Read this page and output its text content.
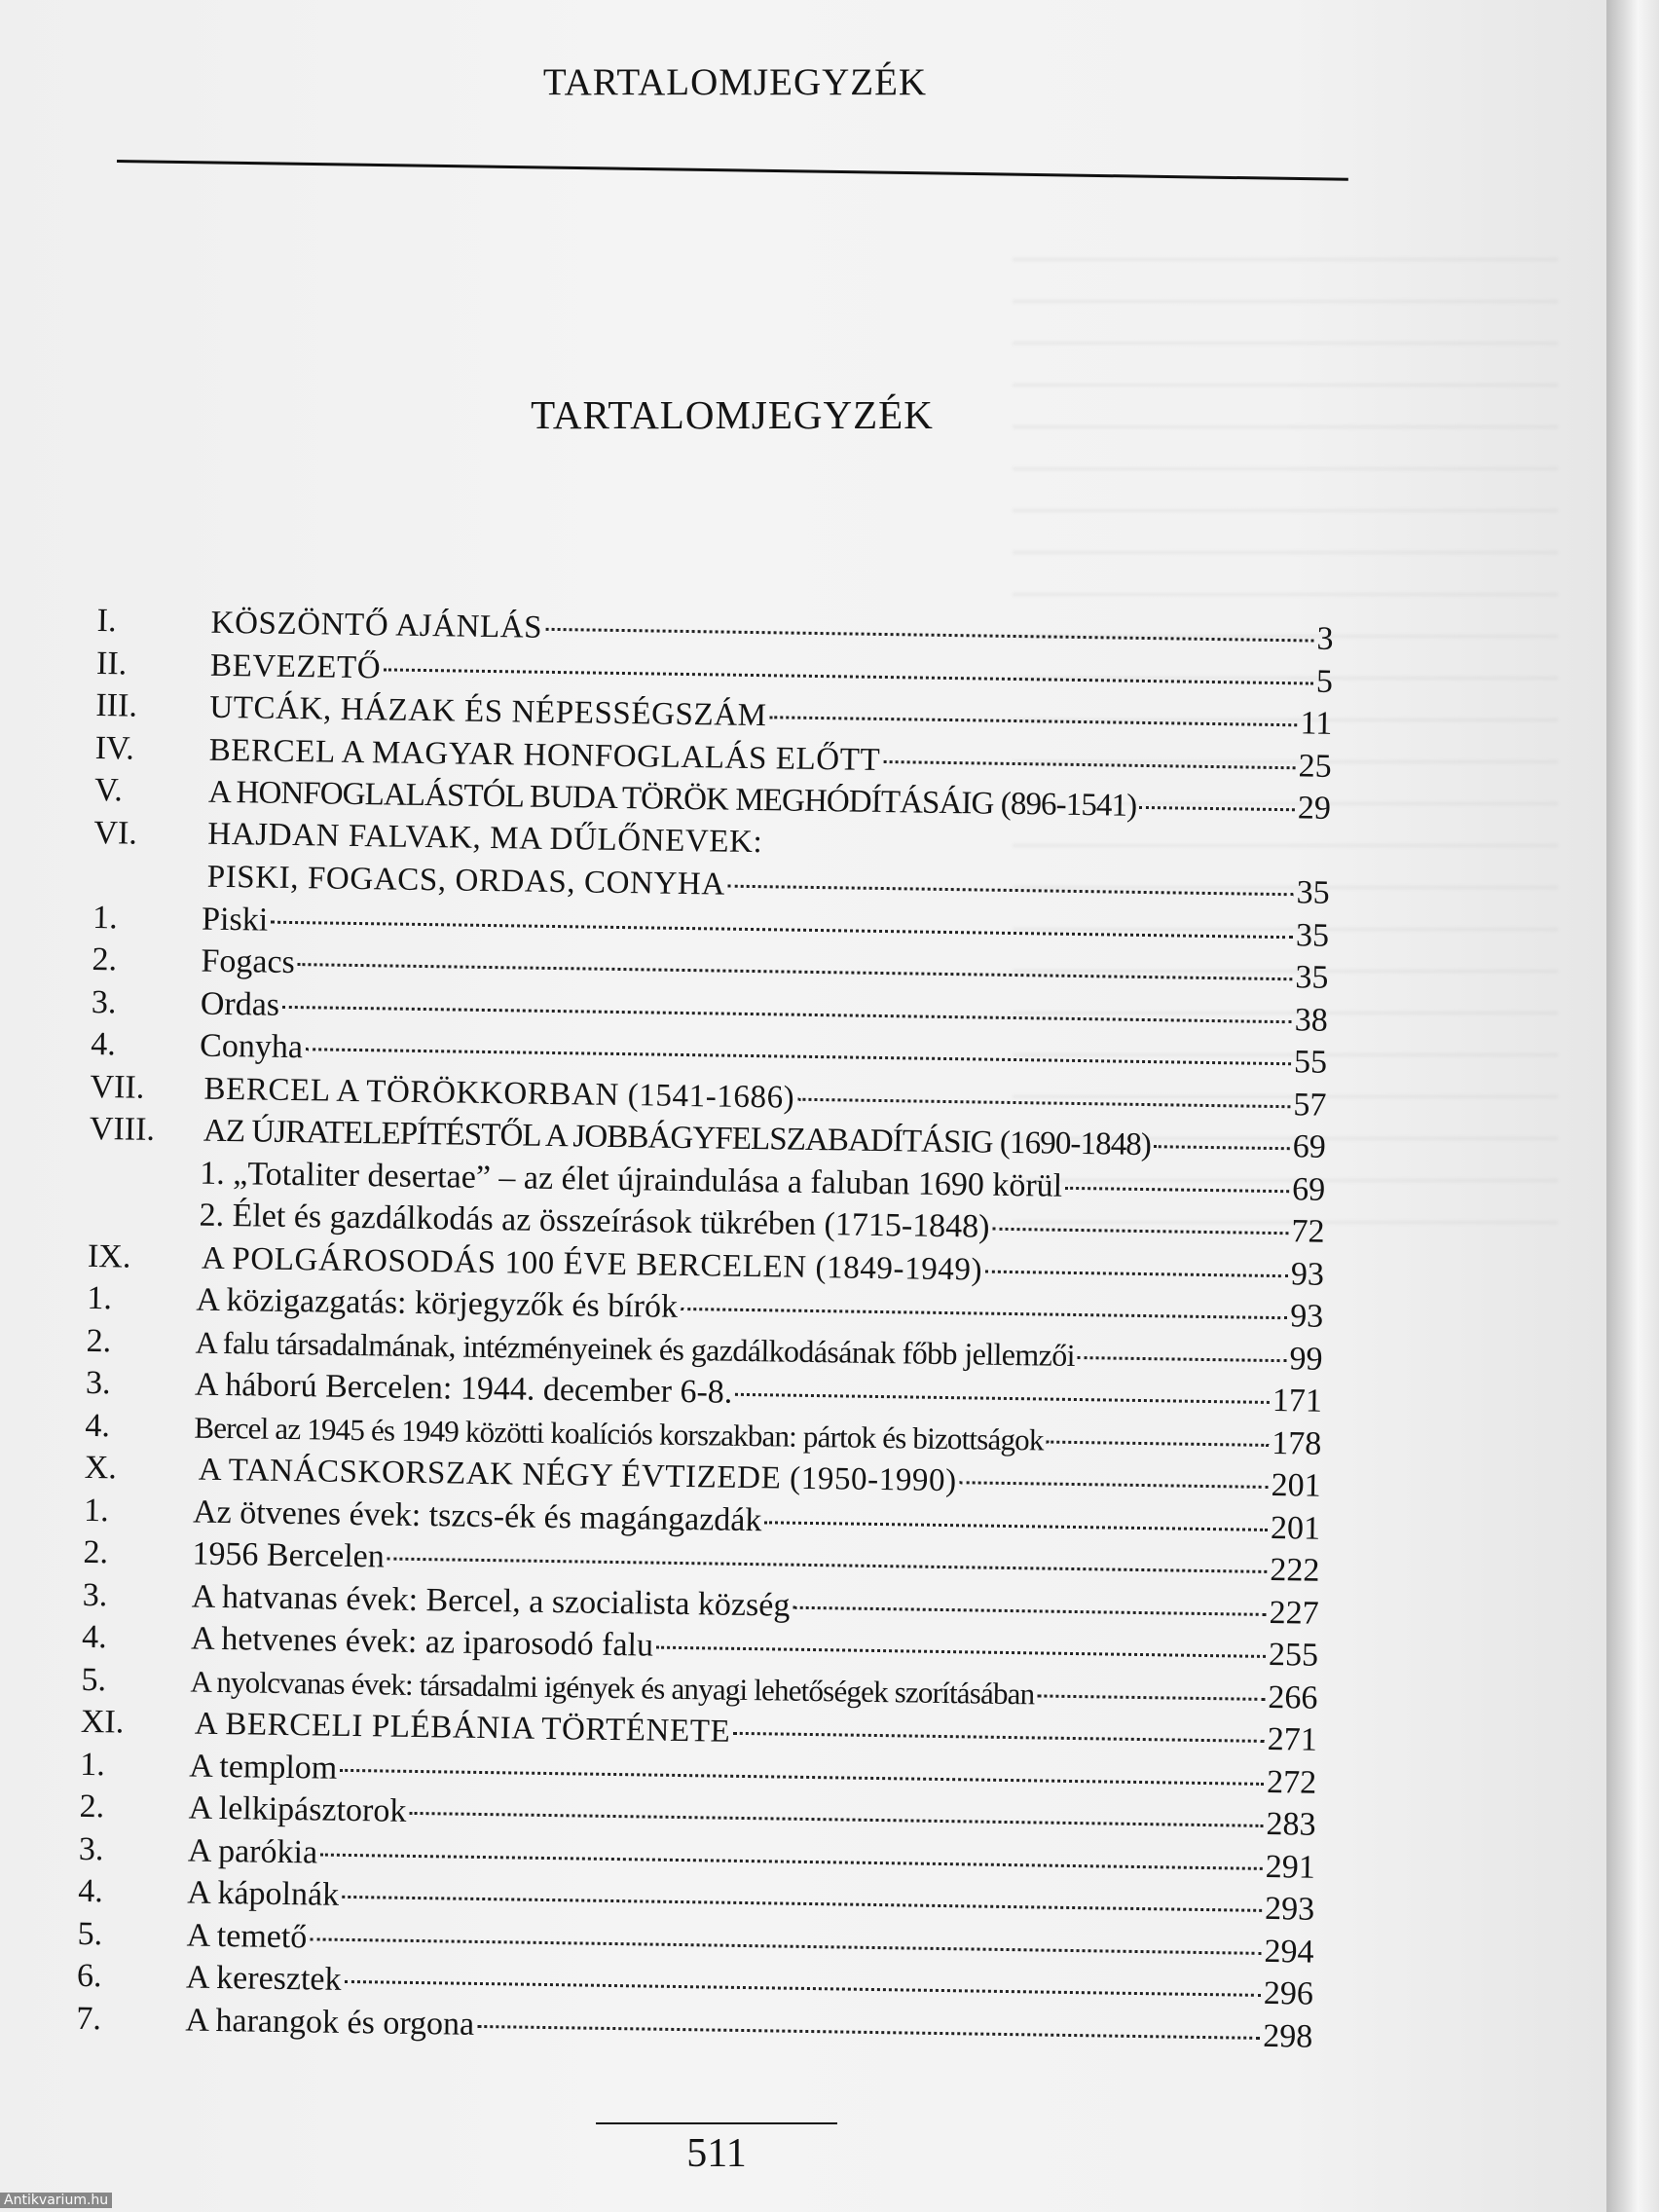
TARTALOMJEGYZÉK
TARTALOMJEGYZÉK
I.	KÖSZÖNTŐ AJÁNLÁS	3
II.	BEVEZETŐ	5
III.	UTCÁK, HÁZAK ÉS NÉPESSÉGSZÁM	11
IV.	BERCEL A MAGYAR HONFOGLALÁS ELŐTT	25
V.	A HONFOGLALÁSTÓL BUDA TÖRÖK MEGHÓDÍTÁSÁIG (896-1541)	29
VI.	HAJDAN FALVAK, MA DŰLŐNEVEK:
PISKI, FOGACS, ORDAS, CONYHA	35
1.	Piski	35
2.	Fogacs	35
3.	Ordas	38
4.	Conyha	55
VII.	BERCEL A TÖRÖKKORBAN (1541-1686)	57
VIII.	AZ ÚJRATELEPÍTÉSTŐL A JOBBÁGYFELSZABADÍTÁSIG (1690-1848)	69
1. „Totaliter desertae” – az élet újraindulása a faluban 1690 körül	69
2. Élet és gazdálkodás az összeírások tükrében (1715-1848)	72
IX.	A POLGÁROSODÁS 100 ÉVE BERCELEN (1849-1949)	93
1.	A közigazgatás: körjegyzők és bírók	93
2.	A falu társadalmának, intézményeinek és gazdálkodásának főbb jellemzői	99
3.	A háború Bercelen: 1944. december 6-8.	171
4.	Bercel az 1945 és 1949 közötti koalíciós korszakban: pártok és bizottságok	178
X.	A TANÁCSKORSZAK NÉGY ÉVTIZEDE (1950-1990)	201
1.	Az ötvenes évek: tszcs-ék és magángazdák	201
2.	1956 Bercelen	222
3.	A hatvanas évek: Bercel, a szocialista község	227
4.	A hetvenes évek: az iparosodó falu	255
5.	A nyolcvanas évek: társadalmi igények és anyagi lehetőségek szorításában	266
XI.	A BERCELI PLÉBÁNIA TÖRTÉNETE	271
1.	A templom	272
2.	A lelkipásztorok	283
3.	A parókia	291
4.	A kápolnák	293
5.	A temető	294
6.	A keresztek	296
7.	A harangok és orgona	298
511
Antikvarium.hu
